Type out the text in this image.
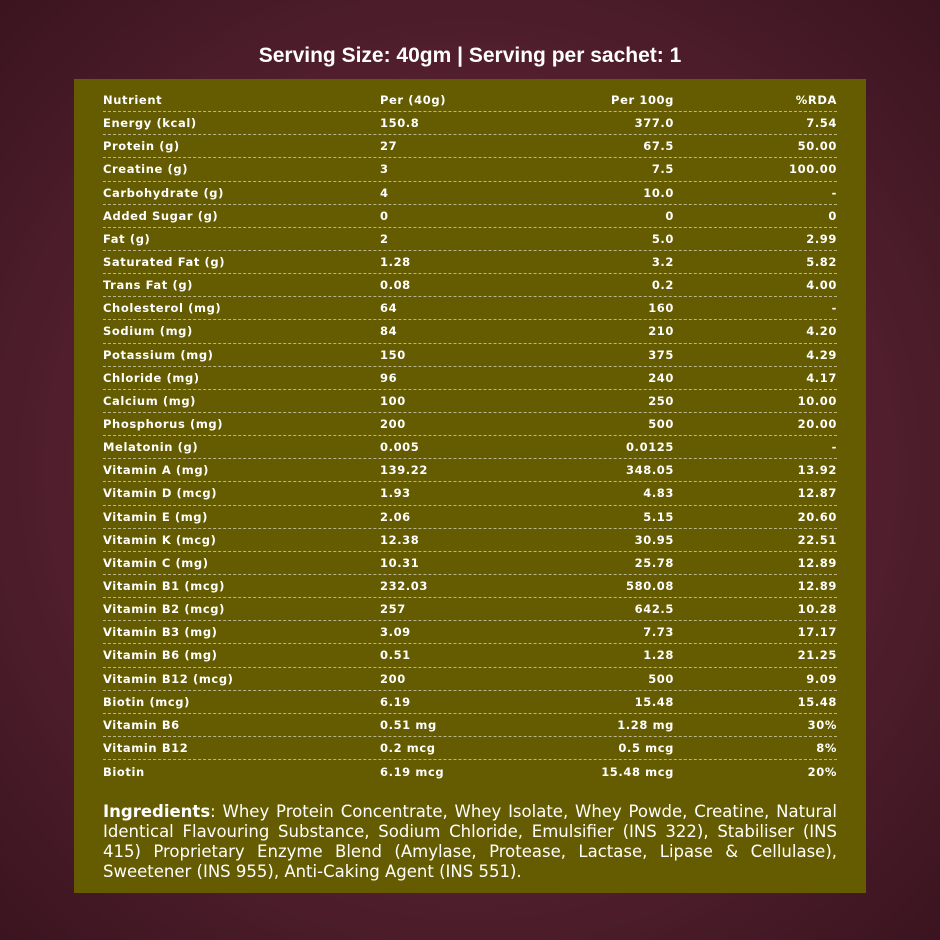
Serving Size: 40gm | Serving per sachet: 1
Nutrient	Per (40g)	Per 100g	%RDA
Energy (kcal)	150.8	377.0	7.54
Protein (g)	27	67.5	50.00
Creatine (g)	3	7.5	100.00
Carbohydrate (g)	4	10.0	-
Added Sugar (g)	0	0	0
Fat (g)	2	5.0	2.99
Saturated Fat (g)	1.28	3.2	5.82
Trans Fat (g)	0.08	0.2	4.00
Cholesterol (mg)	64	160	-
Sodium (mg)	84	210	4.20
Potassium (mg)	150	375	4.29
Chloride (mg)	96	240	4.17
Calcium (mg)	100	250	10.00
Phosphorus (mg)	200	500	20.00
Melatonin (g)	0.005	0.0125	-
Vitamin A (mg)	139.22	348.05	13.92
Vitamin D (mcg)	1.93	4.83	12.87
Vitamin E (mg)	2.06	5.15	20.60
Vitamin K (mcg)	12.38	30.95	22.51
Vitamin C (mg)	10.31	25.78	12.89
Vitamin B1 (mcg)	232.03	580.08	12.89
Vitamin B2 (mcg)	257	642.5	10.28
Vitamin B3 (mg)	3.09	7.73	17.17
Vitamin B6 (mg)	0.51	1.28	21.25
Vitamin B12 (mcg)	200	500	9.09
Biotin (mcg)	6.19	15.48	15.48
Vitamin B6	0.51 mg	1.28 mg	30%
Vitamin B12	0.2 mcg	0.5 mcg	8%
Biotin	6.19 mcg	15.48 mcg	20%
Ingredients: Whey Protein Concentrate, Whey Isolate, Whey Powde, Creatine, Natural Identical Flavouring Substance, Sodium Chloride, Emulsifier (INS 322), Stabiliser (INS 415) Proprietary Enzyme Blend (Amylase, Protease, Lactase, Lipase & Cellulase), Sweetener (INS 955), Anti-Caking Agent (INS 551).
